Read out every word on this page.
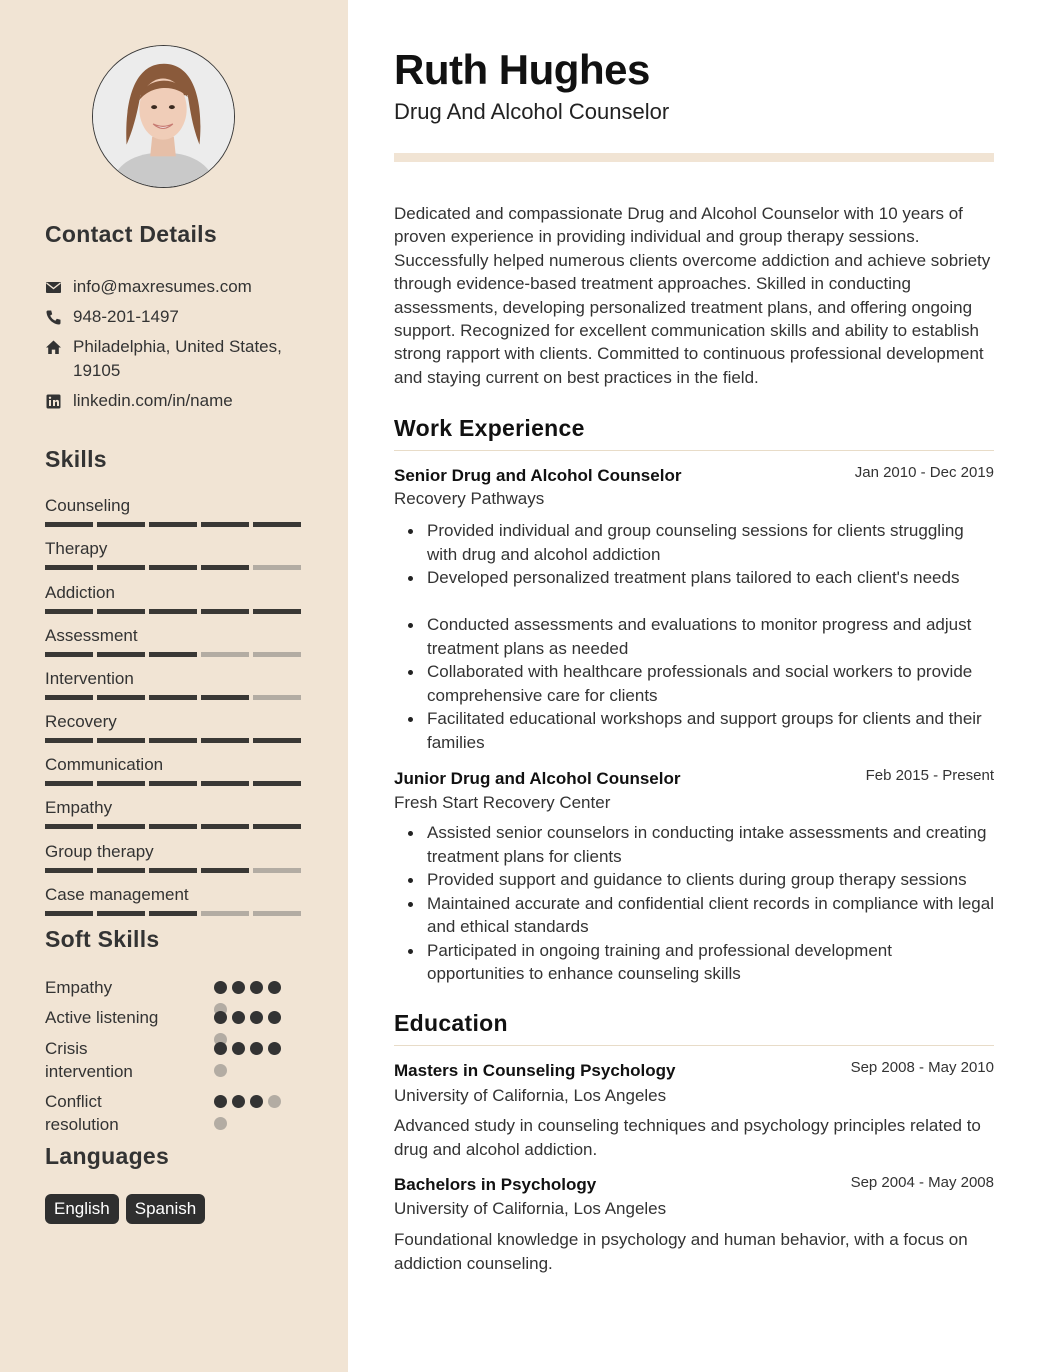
Contact Details
info@maxresumes.com
948-201-1497
Philadelphia, United States, 19105
linkedin.com/in/name
Skills
Counseling
Therapy
Addiction
Assessment
Intervention
Recovery
Communication
Empathy
Group therapy
Case management
Soft Skills
Empathy
Active listening
Crisis intervention
Conflict resolution
Languages
English	Spanish
Ruth Hughes
Drug And Alcohol Counselor

Dedicated and compassionate Drug and Alcohol Counselor with 10 years of proven experience in providing individual and group therapy sessions. Successfully helped numerous clients overcome addiction and achieve sobriety through evidence-based treatment approaches. Skilled in conducting assessments, developing personalized treatment plans, and offering ongoing support. Recognized for excellent communication skills and ability to establish strong rapport with clients. Committed to continuous professional development and staying current on best practices in the field.

Work Experience
Senior Drug and Alcohol Counselor	Jan 2010 - Dec 2019
Recovery Pathways
Provided individual and group counseling sessions for clients struggling with drug and alcohol addiction
Developed personalized treatment plans tailored to each client's needs
Conducted assessments and evaluations to monitor progress and adjust treatment plans as needed
Collaborated with healthcare professionals and social workers to provide comprehensive care for clients
Facilitated educational workshops and support groups for clients and their families
Junior Drug and Alcohol Counselor	Feb 2015 - Present
Fresh Start Recovery Center
Assisted senior counselors in conducting intake assessments and creating treatment plans for clients
Provided support and guidance to clients during group therapy sessions
Maintained accurate and confidential client records in compliance with legal and ethical standards
Participated in ongoing training and professional development opportunities to enhance counseling skills
Education
Masters in Counseling Psychology	Sep 2008 - May 2010
University of California, Los Angeles

Advanced study in counseling techniques and psychology principles related to drug and alcohol addiction.

Bachelors in Psychology	Sep 2004 - May 2008
University of California, Los Angeles

Foundational knowledge in psychology and human behavior, with a focus on addiction counseling.
